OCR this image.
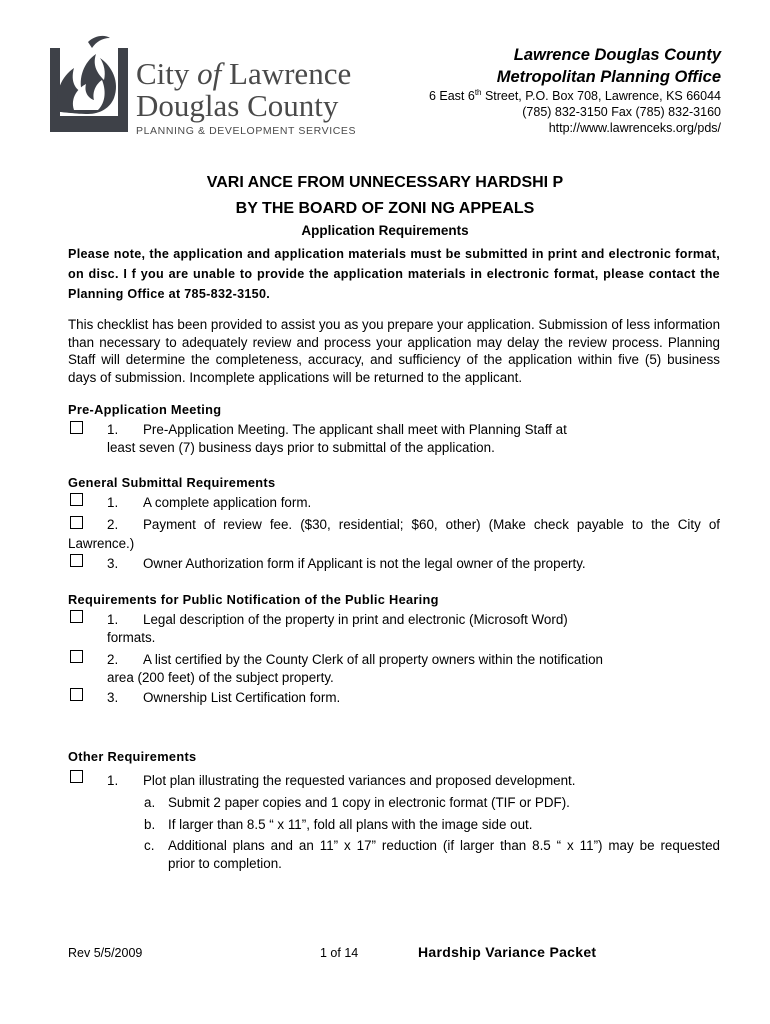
City of Lawrence
Douglas County
PLANNING & DEVELOPMENT SERVICES
Lawrence Douglas County
Metropolitan Planning Office
6 East 6th Street, P.O. Box 708, Lawrence, KS 66044
(785) 832-3150 Fax (785) 832-3160
http://www.lawrenceks.org/pds/
VARI ANCE FROM UNNECESSARY HARDSHI P
BY THE BOARD OF ZONI NG APPEALS
Application Requirements
Please note, the application and application materials must be submitted in print and electronic format, on disc. I f you are unable to provide the application materials in electronic format, please contact the Planning Office at 785-832-3150.
This checklist has been provided to assist you as you prepare your application. Submission of less information than necessary to adequately review and process your application may delay the review process. Planning Staff will determine the completeness, accuracy, and sufficiency of the application within five (5) business days of submission. Incomplete applications will be returned to the applicant.
Pre-Application Meeting
1. Pre-Application Meeting. The applicant shall meet with Planning Staff at
least seven (7) business days prior to submittal of the application.
General Submittal Requirements
1. A complete application form.
2. Payment of review fee. ($30, residential; $60, other) (Make check payable to the City of
Lawrence.)
3. Owner Authorization form if Applicant is not the legal owner of the property.
Requirements for Public Notification of the Public Hearing
1. Legal description of the property in print and electronic (Microsoft Word)
formats.
2. A list certified by the County Clerk of all property owners within the notification
area (200 feet) of the subject property.
3. Ownership List Certification form.
Other Requirements
1. Plot plan illustrating the requested variances and proposed development.
a. Submit 2 paper copies and 1 copy in electronic format (TIF or PDF).
b. If larger than 8.5 “ x 11”, fold all plans with the image side out.
c. Additional plans and an 11” x 17” reduction (if larger than 8.5 “ x 11”) may be requested
prior to completion.
Rev 5/5/2009	1 of 14	Hardship Variance Packet
